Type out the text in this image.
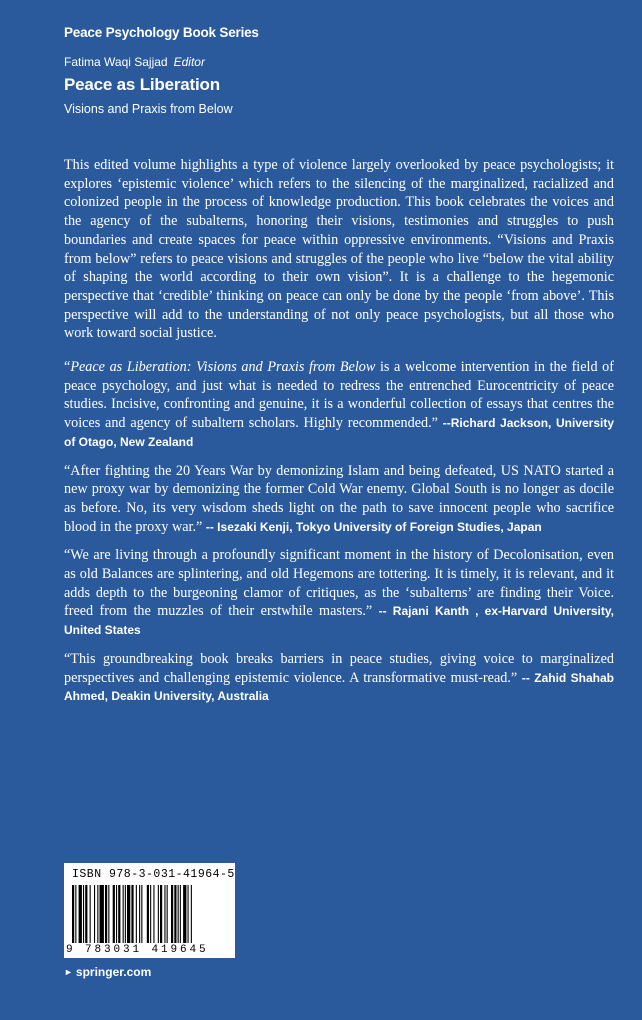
Peace Psychology Book Series
Fatima Waqi Sajjad Editor
Peace as Liberation
Visions and Praxis from Below

This edited volume highlights a type of violence largely overlooked by peace psychologists; it explores ‘epistemic violence’ which refers to the silencing of the marginalized, racialized and colonized people in the process of knowledge production. This book celebrates the voices and the agency of the subalterns, honoring their visions, testimonies and struggles to push boundaries and create spaces for peace within oppressive environments. “Visions and Praxis from below” refers to peace visions and struggles of the people who live “below the vital ability of shaping the world according to their own vision”. It is a challenge to the hegemonic perspective that ‘credible’ thinking on peace can only be done by the people ‘from above’. This perspective will add to the understanding of not only peace psychologists, but all those who work toward social justice.

“Peace as Liberation: Visions and Praxis from Below is a welcome intervention in the field of peace psychology, and just what is needed to redress the entrenched Eurocentricity of peace studies. Incisive, confronting and genuine, it is a wonderful collection of essays that centres the voices and agency of subaltern scholars. Highly recommended.” --Richard Jackson, University of Otago, New Zealand

“After fighting the 20 Years War by demonizing Islam and being defeated, US NATO started a new proxy war by demonizing the former Cold War enemy. Global South is no longer as docile as before. No, its very wisdom sheds light on the path to save innocent people who sacrifice blood in the proxy war.” -- Isezaki Kenji, Tokyo University of Foreign Studies, Japan

“We are living through a profoundly significant moment in the history of Decolonisation, even as old Balances are splintering, and old Hegemons are tottering. It is timely, it is relevant, and it adds depth to the burgeoning clamor of critiques, as the ‘subalterns’ are finding their Voice. freed from the muzzles of their erstwhile masters.” -- Rajani Kanth , ex-Harvard University, United States

“This groundbreaking book breaks barriers in peace studies, giving voice to marginalized perspectives and challenging epistemic violence. A transformative must-read.” -- Zahid Shahab Ahmed, Deakin University, Australia

ISBN 978-3-031-41964-5
9 783031 419645
► springer.com
